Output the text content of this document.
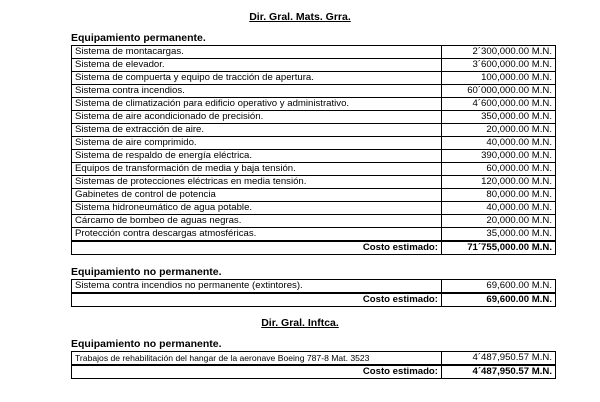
Dir. Gral. Mats. Grra.
Equipamiento permanente.
Sistema de montacargas.	2´300,000.00 M.N.
Sistema de elevador.	3´600,000.00 M.N.
Sistema de compuerta y equipo de tracción de apertura.	100,000.00 M.N.
Sistema contra incendios.	60´000,000.00 M.N.
Sistema de climatización para edificio operativo y administrativo.	4´600,000.00 M.N.
Sistema de aire acondicionado de precisión.	350,000.00 M.N.
Sistema de extracción de aire.	20,000.00 M.N.
Sistema de aire comprimido.	40,000.00 M.N.
Sistema de respaldo de energía eléctrica.	390,000.00 M.N.
Equipos de transformación de media y baja tensión.	60,000.00 M.N.
Sistemas de protecciones eléctricas en media tensión.	120,000.00 M.N.
Gabinetes de control de potencia	80,000.00 M.N.
Sistema hidroneumático de agua potable.	40,000.00 M.N.
Cárcamo de bombeo de aguas negras.	20,000.00 M.N.
Protección contra descargas atmosféricas.	35,000.00 M.N.
Costo estimado:	71´755,000.00 M.N.
Equipamiento no permanente.
Sistema contra incendios no permanente (extintores).	69,600.00 M.N.
Costo estimado:	69,600.00 M.N.
Dir. Gral. Inftca.
Equipamiento no permanente.
Trabajos de rehabilitación del hangar de la aeronave Boeing 787-8 Mat. 3523	4´487,950.57 M.N.
Costo estimado:	4´487,950.57 M.N.
